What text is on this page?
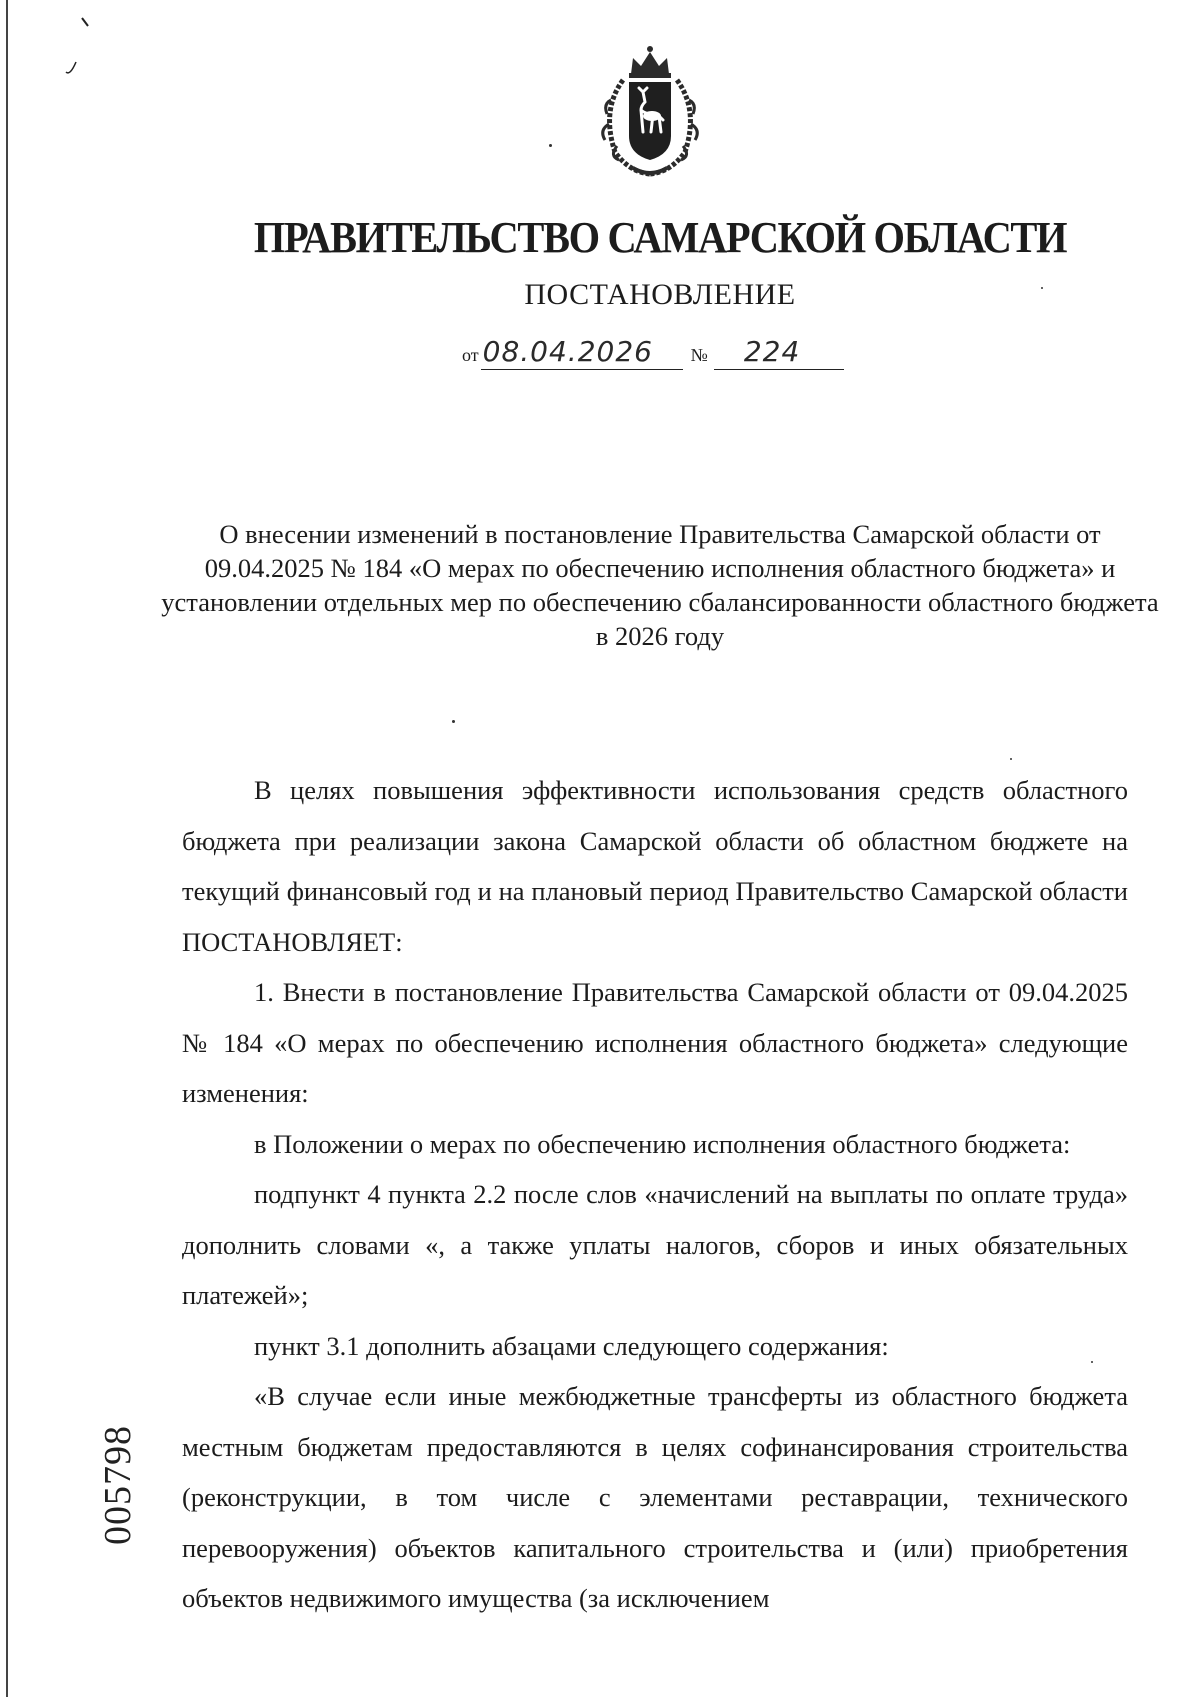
ПРАВИТЕЛЬСТВО САМАРСКОЙ ОБЛАСТИ
ПОСТАНОВЛЕНИЕ
от 08.04.2026	№	224
О внесении изменений в постановление Правительства Самарской области от 09.04.2025 № 184 «О мерах по обеспечению исполнения областного бюджета» и установлении отдельных мер по обеспечению сбалансированности областного бюджета в 2026 году

В целях повышения эффективности использования средств областного бюджета при реализации закона Самарской области об областном бюджете на текущий финансовый год и на плановый период Правительство Самарской области ПОСТАНОВЛЯЕТ:

1. Внести в постановление Правительства Самарской области от 09.04.2025 № 184 «О мерах по обеспечению исполнения областного бюджета» следующие изменения:

в Положении о мерах по обеспечению исполнения областного бюджета:

подпункт 4 пункта 2.2 после слов «начислений на выплаты по оплате труда» дополнить словами «, а также уплаты налогов, сборов и иных обязательных платежей»;

пункт 3.1 дополнить абзацами следующего содержания:

«В случае если иные межбюджетные трансферты из областного бюджета местным бюджетам предоставляются в целях софинансирования строительства (реконструкции, в том числе с элементами реставрации, технического перевооружения) объектов капитального строительства и (или) приобретения объектов недвижимого имущества (за исключением

005798
